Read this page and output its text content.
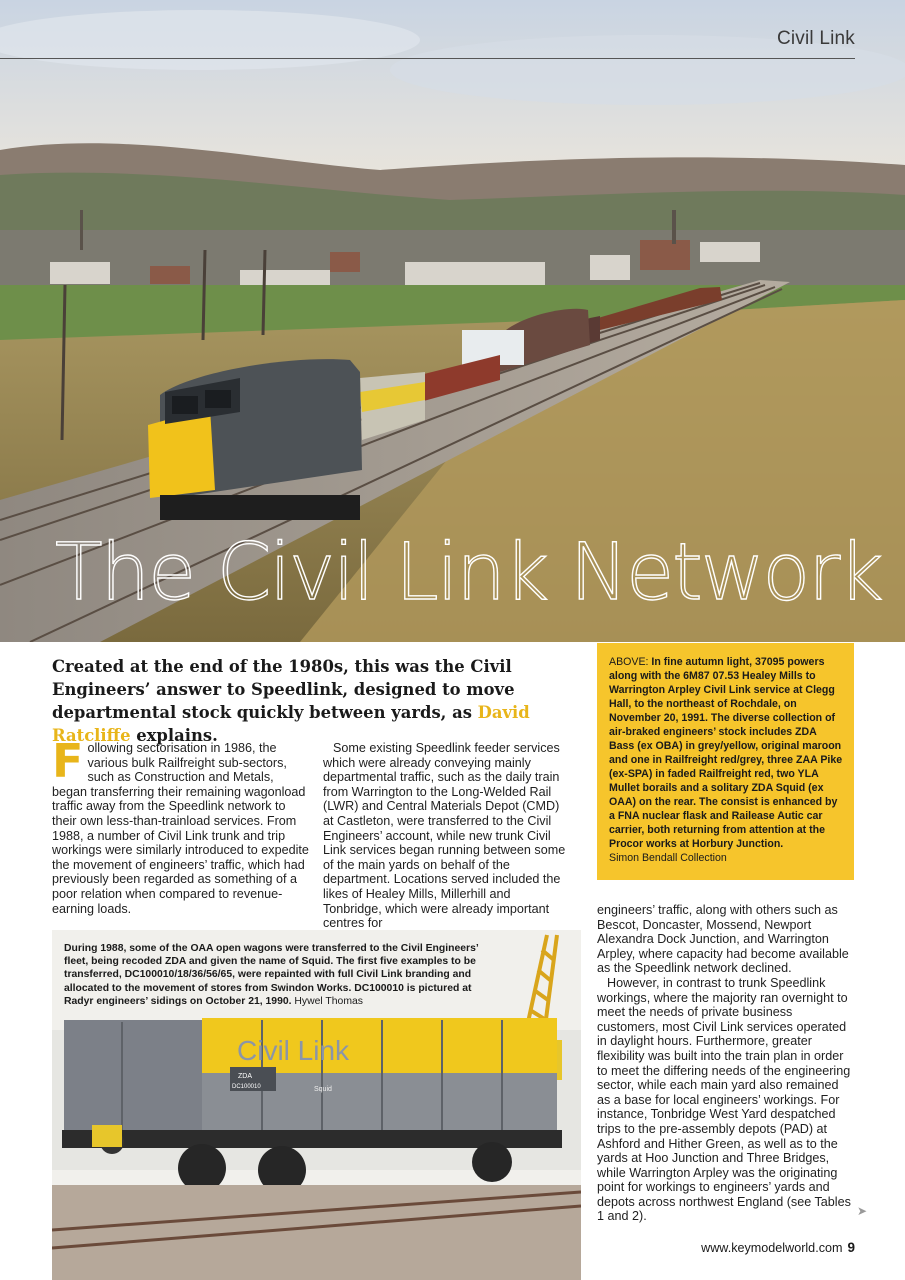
Civil Link
The Civil Link Network
Created at the end of the 1980s, this was the Civil Engineers’ answer to Speedlink, designed to move departmental stock quickly between yards, as David Ratcliffe explains.
ABOVE: In fine autumn light, 37095 powers along with the 6M87 07.53 Healey Mills to Warrington Arpley Civil Link service at Clegg Hall, to the northeast of Rochdale, on November 20, 1991. The diverse collection of air-braked engineers’ stock includes ZDA Bass (ex OBA) in grey/yellow, original maroon and one in Railfreight red/grey, three ZAA Pike (ex-SPA) in faded Railfreight red, two YLA Mullet borails and a solitary ZDA Squid (ex OAA) on the rear. The consist is enhanced by a FNA nuclear flask and Railease Autic car carrier, both returning from attention at the Procor works at Horbury Junction.
Simon Bendall Collection
Following sectorisation in 1986, the various bulk Railfreight sub-sectors, such as Construction and Metals, began transferring their remaining wagonload traffic away from the Speedlink network to their own less-than-trainload services. From 1988, a number of Civil Link trunk and trip workings were similarly introduced to expedite the movement of engineers’ traffic, which had previously been regarded as something of a poor relation when compared to revenue-earning loads.
Some existing Speedlink feeder services which were already conveying mainly departmental traffic, such as the daily train from Warrington to the Long-Welded Rail (LWR) and Central Materials Depot (CMD) at Castleton, were transferred to the Civil Engineers’ account, while new trunk Civil Link services began running between some of the main yards on behalf of the department. Locations served included the likes of Healey Mills, Millerhill and Tonbridge, which were already important centres for
engineers’ traffic, along with others such as Bescot, Doncaster, Mossend, Newport Alexandra Dock Junction, and Warrington Arpley, where capacity had become available as the Speedlink network declined.
However, in contrast to trunk Speedlink workings, where the majority ran overnight to meet the needs of private business customers, most Civil Link services operated in daylight hours. Furthermore, greater flexibility was built into the train plan in order to meet the differing needs of the engineering sector, while each main yard also remained as a base for local engineers’ workings. For instance, Tonbridge West Yard despatched trips to the pre-assembly depots (PAD) at Ashford and Hither Green, as well as to the yards at Hoo Junction and Three Bridges, while Warrington Arpley was the originating point for workings to engineers’ yards and depots across northwest England (see Tables 1 and 2).
Civil Link
ZDA
DC100010	Squid
During 1988, some of the OAA open wagons were transferred to the Civil Engineers’ fleet, being recoded ZDA and given the name of Squid. The first five examples to be transferred, DC100010/18/36/56/65, were repainted with full Civil Link branding and allocated to the movement of stores from Swindon Works. DC100010 is pictured at Radyr engineers’ sidings on October 21, 1990. Hywel Thomas
➤
www.keymodelworld.com 9
